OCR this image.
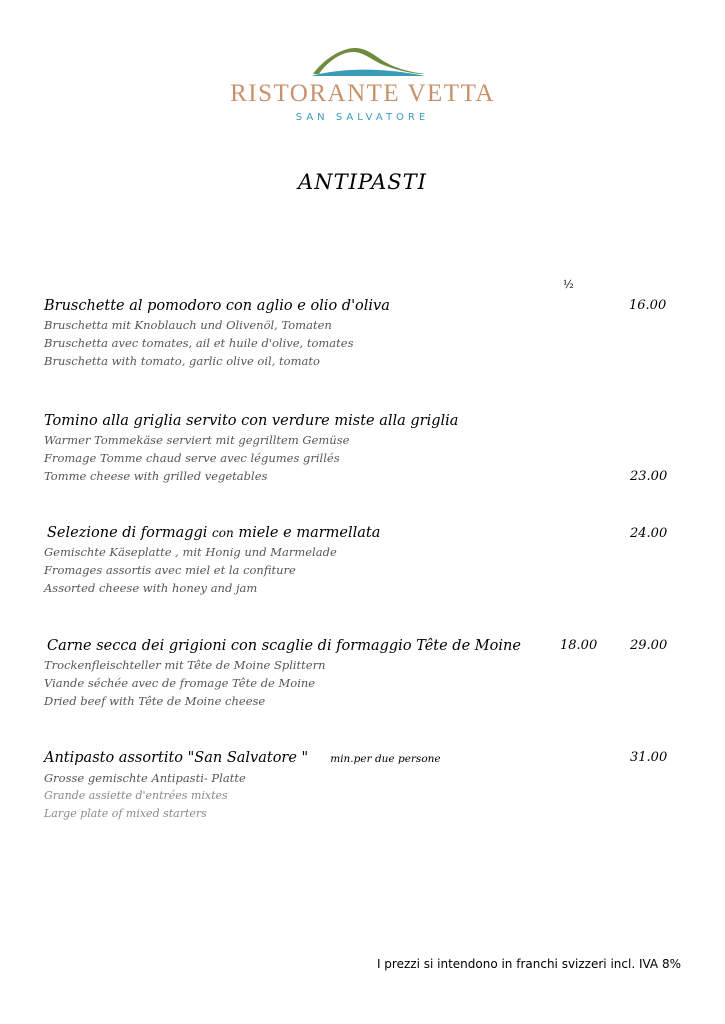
RISTORANTE VETTA
SAN SALVATORE
ANTIPASTI
½
Bruschette al pomodoro con aglio e olio d'oliva
Bruschetta mit Knoblauch und Olivenöl, Tomaten
Bruschetta avec tomates, ail et huile d'olive, tomates
Bruschetta with tomato, garlic olive oil, tomato
16.00
Tomino alla griglia servito con verdure miste alla griglia
Warmer Tommekäse serviert mit gegrilltem Gemüse
Fromage Tomme chaud serve avec légumes grillés
Tomme cheese with grilled vegetables	23.00
Selezione di formaggi con miele e marmellata
Gemischte Käseplatte , mit Honig und Marmelade
Fromages assortis avec miel et la confiture
Assorted cheese with honey and jam
24.00
Carne secca dei grigioni con scaglie di formaggio Tête de Moine
Trockenfleischteller mit Tête de Moine Splittern
Viande séchée avec de fromage Tête de Moine
Dried beef with Tête de Moine cheese
18.00	29.00
Antipasto assortito "San Salvatore " min.per due persone
Grosse gemischte Antipasti- Platte
Grande assiette d'entrées mixtes
Large plate of mixed starters
31.00
I prezzi si intendono in franchi svizzeri incl. IVA 8%
